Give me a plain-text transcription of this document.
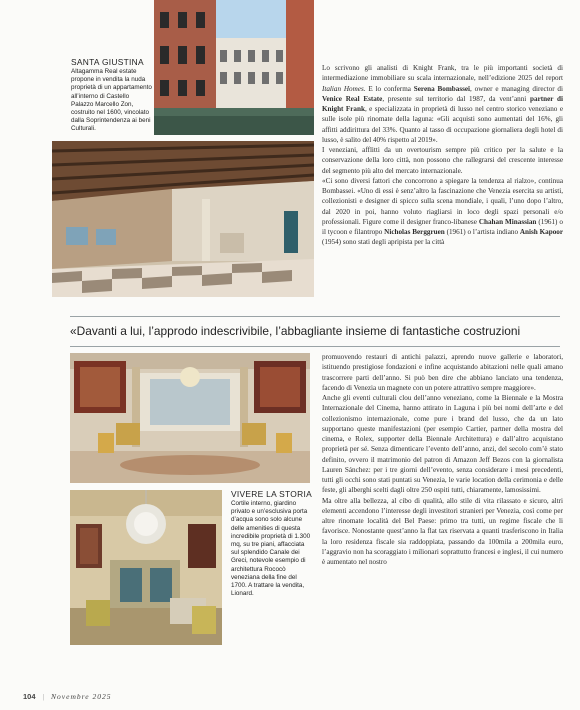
SANTA GIUSTINA
Altagamma Real estate propone in vendita la nuda proprietà di un appartamento all’interno di Castello Palazzo Marcello Zon, costruito nel 1600, vincolato dalla Soprintendenza ai beni Culturali.

Lo scrivono gli analisti di Knight Frank, tra le più importanti società di intermediazione immobiliare su scala internazionale, nell’edizione 2025 del report Italian Homes. E lo conferma Serena Bombassei, owner e managing director di Venice Real Estate, presente sul territorio dal 1987, da vent’anni partner di Knight Frank, e specializzata in proprietà di lusso nel centro storico veneziano e sulle isole più rinomate della laguna: «Gli acquisti sono aumentati del 16%, gli affitti addirittura del 33%. Quanto al tasso di occupazione giornaliera degli hotel di lusso, è salito del 40% rispetto al 2019».

I veneziani, afflitti da un overtourism sempre più critico per la salute e la conservazione della loro città, non possono che rallegrarsi del crescente interesse del segmento più alto del mercato internazionale.

«Ci sono diversi fattori che concorrono a spiegare la tendenza al rialzo», continua Bombassei. «Uno di essi è senz’altro la fascinazione che Venezia esercita su artisti, collezionisti e designer di spicco sulla scena mondiale, i quali, l’uno dopo l’altro, dal 2020 in poi, hanno voluto riagliarsi in loco degli spazi personali e/o professionali. Figure come il designer franco-libanese Chahan Minassian (1961) o il tycoon e filantropo Nicholas Berggruen (1961) o l’artista indiano Anish Kapoor (1954) sono stati degli apripista per la città

«Davanti a lui, l’approdo indescrivibile, l’abbagliante insieme di fantastiche costruzioni
VIVERE LA STORIA
Cortile interno, giardino privato e un’esclusiva porta d’acqua sono solo alcune delle amenities di questa incredibile proprietà di 1.300 mq, su tre piani, affacciata sul splendido Canale dei Greci, notevole esempio di architettura Rococò veneziana della fine del 1700. A trattare la vendita, Lionard.

promuovendo restauri di antichi palazzi, aprendo nuove gallerie e laboratori, istituendo prestigiose fondazioni e infine acquistando abitazioni nelle quali amano trascorrere parti dell’anno. Si può ben dire che abbiano lanciato una tendenza, facendo di Venezia un magnete con un potere attrattivo sempre maggiore».

Anche gli eventi culturali clou dell’anno veneziano, come la Biennale e la Mostra Internazionale del Cinema, hanno attirato in Laguna i più bei nomi dell’arte e del collezionismo internazionale, come pure i brand del lusso, che da un lato supportano queste manifestazioni (per esempio Cartier, partner della mostra del cinema, e Rolex, supporter della Biennale Architettura) e dall’altro acquistano proprietà per sé. Senza dimenticare l’evento dell’anno, anzi, del secolo com’è stato definito, ovvero il matrimonio del patron di Amazon Jeff Bezos con la giornalista Lauren Sánchez: per i tre giorni dell’evento, senza considerare i mesi precedenti, tutti gli occhi sono stati puntati su Venezia, le varie location della cerimonia e delle feste, gli alberghi scelti dagli oltre 250 ospiti tutti, chiaramente, lamosissimi.

Ma oltre alla bellezza, al cibo di qualità, allo stile di vita rilassato e sicuro, altri elementi accendono l’interesse degli investitori stranieri per Venezia, così come per altre rinomate località del Bel Paese: primo tra tutti, un regime fiscale che li favorisce. Nonostante quest’anno la flat tax riservata a quanti trasferiscono in Italia la loro residenza fiscale sia raddoppiata, passando da 100mila a 200mila euro, l’aggravio non ha scoraggiato i milionari soprattutto francesi e inglesi, il cui numero è aumentato nel nostro

104 | Novembre 2025
